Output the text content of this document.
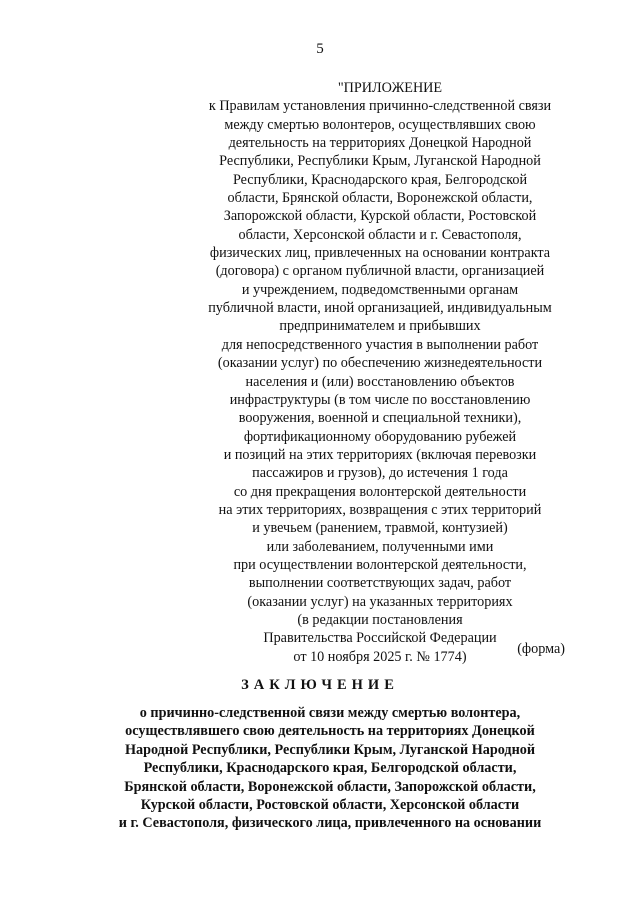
5
"ПРИЛОЖЕНИЕ
к Правилам установления причинно-следственной связи
между смертью волонтеров, осуществлявших свою
деятельность на территориях Донецкой Народной
Республики, Республики Крым, Луганской Народной
Республики, Краснодарского края, Белгородской
области, Брянской области, Воронежской области,
Запорожской области, Курской области, Ростовской
области, Херсонской области и г. Севастополя,
физических лиц, привлеченных на основании контракта
(договора) с органом публичной власти, организацией
и учреждением, подведомственными органам
публичной власти, иной организацией, индивидуальным
предпринимателем и прибывших
для непосредственного участия в выполнении работ
(оказании услуг) по обеспечению жизнедеятельности
населения и (или) восстановлению объектов
инфраструктуры (в том числе по восстановлению
вооружения, военной и специальной техники),
фортификационному оборудованию рубежей
и позиций на этих территориях (включая перевозки
пассажиров и грузов), до истечения 1 года
со дня прекращения волонтерской деятельности
на этих территориях, возвращения с этих территорий
и увечьем (ранением, травмой, контузией)
или заболеванием, полученными ими
при осуществлении волонтерской деятельности,
выполнении соответствующих задач, работ
(оказании услуг) на указанных территориях
(в редакции постановления
Правительства Российской Федерации
от 10 ноября 2025 г. № 1774)	(форма)
ЗАКЛЮЧЕНИЕ
о причинно-следственной связи между смертью волонтера,
осуществлявшего свою деятельность на территориях Донецкой
Народной Республики, Республики Крым, Луганской Народной
Республики, Краснодарского края, Белгородской области,
Брянской области, Воронежской области, Запорожской области,
Курской области, Ростовской области, Херсонской области
и г. Севастополя, физического лица, привлеченного на основании
